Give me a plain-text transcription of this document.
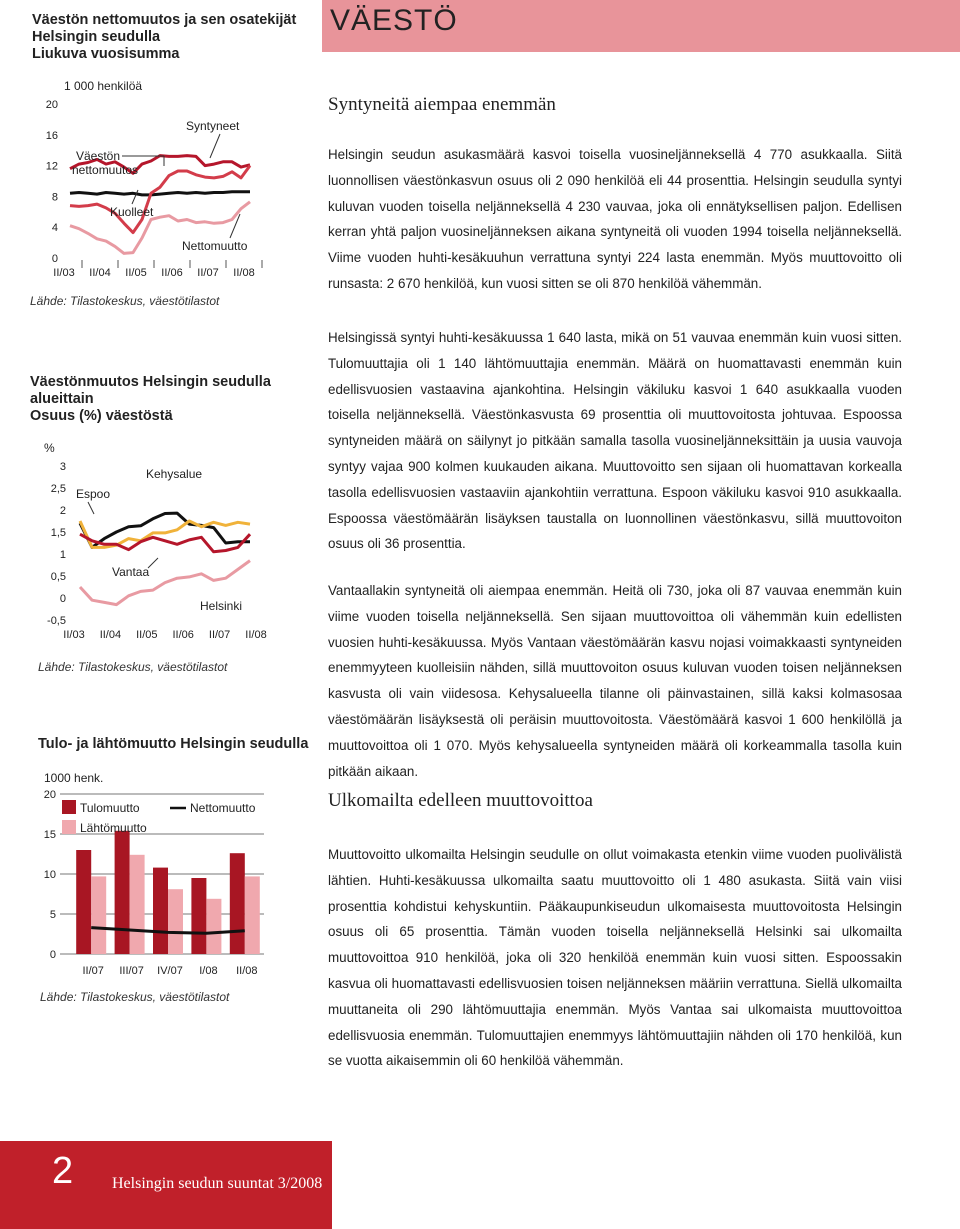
Väestön nettomuutos ja sen osatekijät
Helsingin seudulla
Liukuva vuosisumma
1 000 henkilöä
0
4
8
12
16
20
II/03 II/04 II/05 II/06 II/07 II/08
Syntyneet
Väestön
nettomuutos
Kuolleet
Nettomuutto
Lähde: Tilastokeskus, väestötilastot
Väestönmuutos Helsingin seudulla
alueittain
Osuus (%) väestöstä
%
-0,5
0
0,5
1
1,5
2
2,5
3
II/03 II/04 II/05 II/06 II/07 II/08
Kehysalue
Espoo
Vantaa
Helsinki
Lähde: Tilastokeskus, väestötilastot
Tulo- ja lähtömuutto Helsingin seudulla
1000 henk.
0
5
10
15
20
II/07 III/07 IV/07 I/08 II/08
Tulomuutto
Lähtömuutto
Nettomuutto
Lähde: Tilastokeskus, väestötilastot
VÄESTÖ
Syntyneitä aiempaa enemmän

Helsingin seudun asukasmäärä kasvoi toisella vuosineljänneksellä 4 770 asukkaalla. Siitä luonnollisen väestönkasvun osuus oli 2 090 henkilöä eli 44 prosenttia. Helsingin seudulla syntyi kuluvan vuoden toisella neljänneksellä 4 230 vauvaa, joka oli ennätyksellisen paljon. Edellisen kerran yhtä paljon vuosineljänneksen aikana syntyneitä oli vuoden 1994 toisella neljänneksellä. Viime vuoden huhti-kesäkuuhun verrattuna syntyi 224 lasta enemmän. Myös muuttovoitto oli runsasta: 2 670 henkilöä, kun vuosi sitten se oli 870 henkilöä vähemmän.

Helsingissä syntyi huhti-kesäkuussa 1 640 lasta, mikä on 51 vauvaa enemmän kuin vuosi sitten. Tulomuuttajia oli 1 140 lähtömuuttajia enemmän. Määrä on huomattavasti enemmän kuin edellisvuosien vastaavina ajankohtina. Helsingin väkiluku kasvoi 1 640 asukkaalla vuoden toisella neljänneksellä. Väestönkasvusta 69 prosenttia oli muuttovoitosta johtuvaa. Espoossa syntyneiden määrä on säilynyt jo pitkään samalla tasolla vuosineljänneksittäin ja uusia vauvoja syntyy vajaa 900 kolmen kuukauden aikana. Muuttovoitto sen sijaan oli huomattavan korkealla tasolla edellisvuosien vastaaviin ajankohtiin verrattuna. Espoon väkiluku kasvoi 910 asukkaalla. Espoossa väestömäärän lisäyksen taustalla on luonnollinen väestönkasvu, sillä muuttovoiton osuus oli 36 prosenttia.

Vantaallakin syntyneitä oli aiempaa enemmän. Heitä oli 730, joka oli 87 vauvaa enemmän kuin viime vuoden toisella neljänneksellä. Sen sijaan muuttovoittoa oli vähemmän kuin edellisten vuosien huhti-kesäkuussa. Myös Vantaan väestömäärän kasvu nojasi voimakkaasti syntyneiden enemmyyteen kuolleisiin nähden, sillä muuttovoiton osuus kuluvan vuoden toisen neljänneksen kasvusta oli vain viidesosa. Kehysalueella tilanne oli päinvastainen, sillä kaksi kolmasosaa väestömäärän lisäyksestä oli peräisin muuttovoitosta. Väestömäärä kasvoi 1 600 henkilöllä ja muuttovoittoa oli 1 070. Myös kehysalueella syntyneiden määrä oli korkeammalla tasolla kuin pitkään aikaan.

Ulkomailta edelleen muuttovoittoa

Muuttovoitto ulkomailta Helsingin seudulle on ollut voimakasta etenkin viime vuoden puolivälistä lähtien. Huhti-kesäkuussa ulkomailta saatu muuttovoitto oli 1 480 asukasta. Siitä vain viisi prosenttia kohdistui kehyskuntiin. Pääkaupunkiseudun ulkomaisesta muuttovoitosta Helsingin osuus oli 65 prosenttia. Tämän vuoden toisella neljänneksellä Helsinki sai ulkomailta muuttovoittoa 910 henkilöä, joka oli 320 henkilöä enemmän kuin vuosi sitten. Espoossakin kasvua oli huomattavasti edellisvuosien toisen neljänneksen määriin verrattuna. Siellä ulkomailta muuttaneita oli 290 lähtömuuttajia enemmän. Myös Vantaa sai ulkomaista muuttovoittoa edellisvuosia enemmän. Tulomuuttajien enemmyys lähtömuuttajiin nähden oli 170 henkilöä, kun se vuotta aikaisemmin oli 60 henkilöä vähemmän.

2 Helsingin seudun suuntat 3/2008
